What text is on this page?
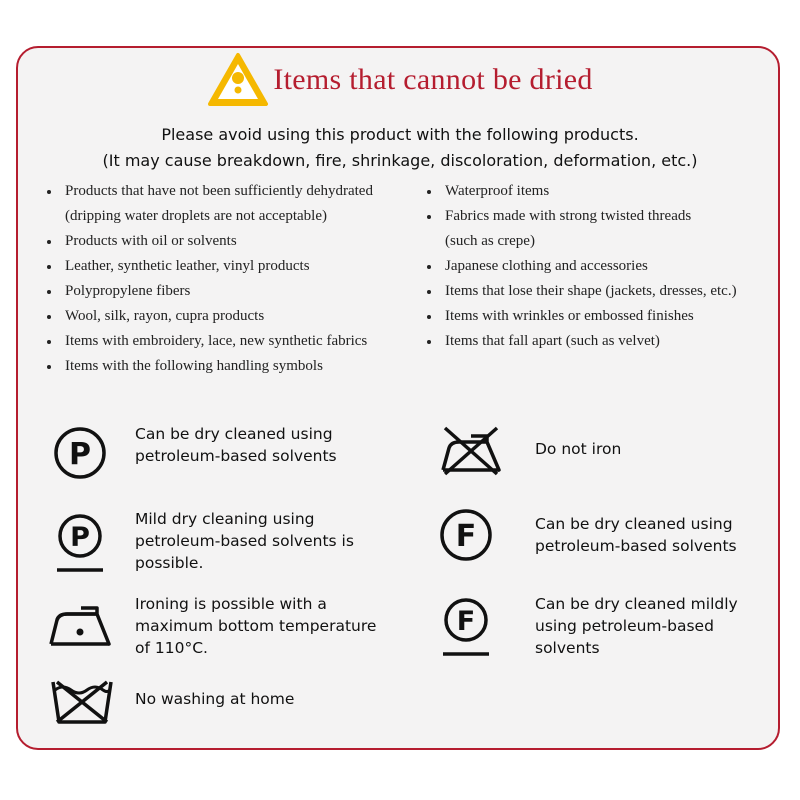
Items that cannot be dried
Please avoid using this product with the following products.
(It may cause breakdown, fire, shrinkage, discoloration, deformation, etc.)
Products that have not been sufficiently dehydrated
(dripping water droplets are not acceptable)
Products with oil or solvents
Leather, synthetic leather, vinyl products
Polypropylene fibers
Wool, silk, rayon, cupra products
Items with embroidery, lace, new synthetic fabrics
Items with the following handling symbols
Waterproof items
Fabrics made with strong twisted threads
(such as crepe)
Japanese clothing and accessories
Items that lose their shape (jackets, dresses, etc.)
Items with wrinkles or embossed finishes
Items that fall apart (such as velvet)
P
Can be dry cleaned using
petroleum-based solvents
P
Mild dry cleaning using
petroleum-based solvents is
possible.
Ironing is possible with a
maximum bottom temperature
of 110°C.
No washing at home
Do not iron
F	Can be dry cleaned using
petroleum-based solvents
F
Can be dry cleaned mildly
using petroleum-based
solvents
